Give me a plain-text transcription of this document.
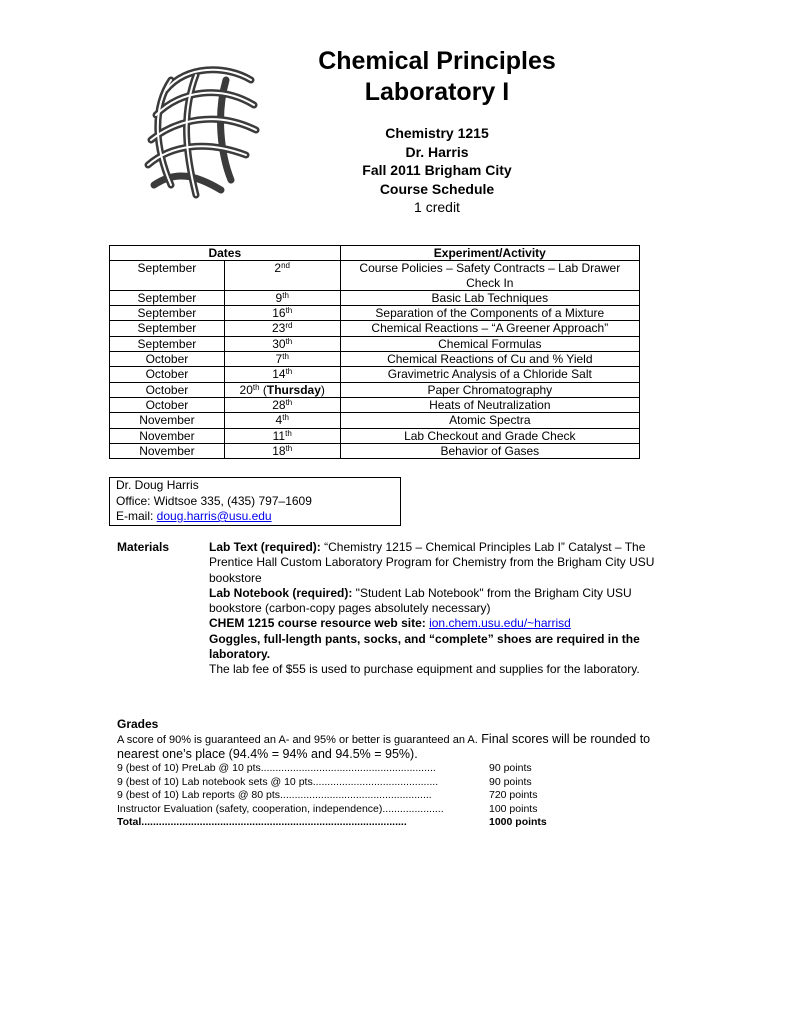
Chemical Principles
Laboratory I
Chemistry 1215
Dr. Harris
Fall 2011 Brigham City
Course Schedule
1 credit
Dates		Experiment/Activity
September	2nd	Course Policies – Safety Contracts – Lab Drawer
Check In

September	9th	Basic Lab Techniques

September	16th	Separation of the Components of a Mixture

September	23rd	Chemical Reactions – “A Greener Approach”

September	30th	Chemical Formulas

October	7th	Chemical Reactions of Cu and % Yield

October	14th	Gravimetric Analysis of a Chloride Salt

October	20th (Thursday)	Paper Chromatography

October	28th	Heats of Neutralization

November	4th	Atomic Spectra

November	11th	Lab Checkout and Grade Check

November	18th	Behavior of Gases
Dr. Doug Harris
Office: Widtsoe 335, (435) 797–1609
E-mail: doug.harris@usu.edu
Materials	Lab Text (required): “Chemistry 1215 – Chemical Principles Lab I” Catalyst – The Prentice Hall Custom Laboratory Program for Chemistry from the Brigham City USU bookstore

Lab Notebook (required): "Student Lab Notebook" from the Brigham City USU bookstore (carbon-copy pages absolutely necessary)

CHEM 1215 course resource web site: ion.chem.usu.edu/~harrisd

Goggles, full-length pants, socks, and “complete” shoes are required in the laboratory.

The lab fee of $55 is used to purchase equipment and supplies for the laboratory.

Grades
A score of 90% is guaranteed an A- and 95% or better is guaranteed an A. Final scores will be rounded to nearest one’s place (94.4% = 94% and 94.5% = 95%).
9 (best of 10) PreLab @ 10 pts............................................................	90 points
9 (best of 10) Lab notebook sets @ 10 pts...........................................	90 points
9 (best of 10) Lab reports @ 80 pts....................................................	720 points
Instructor Evaluation (safety, cooperation, independence).....................	100 points
Total...........................................................................................	1000 points
